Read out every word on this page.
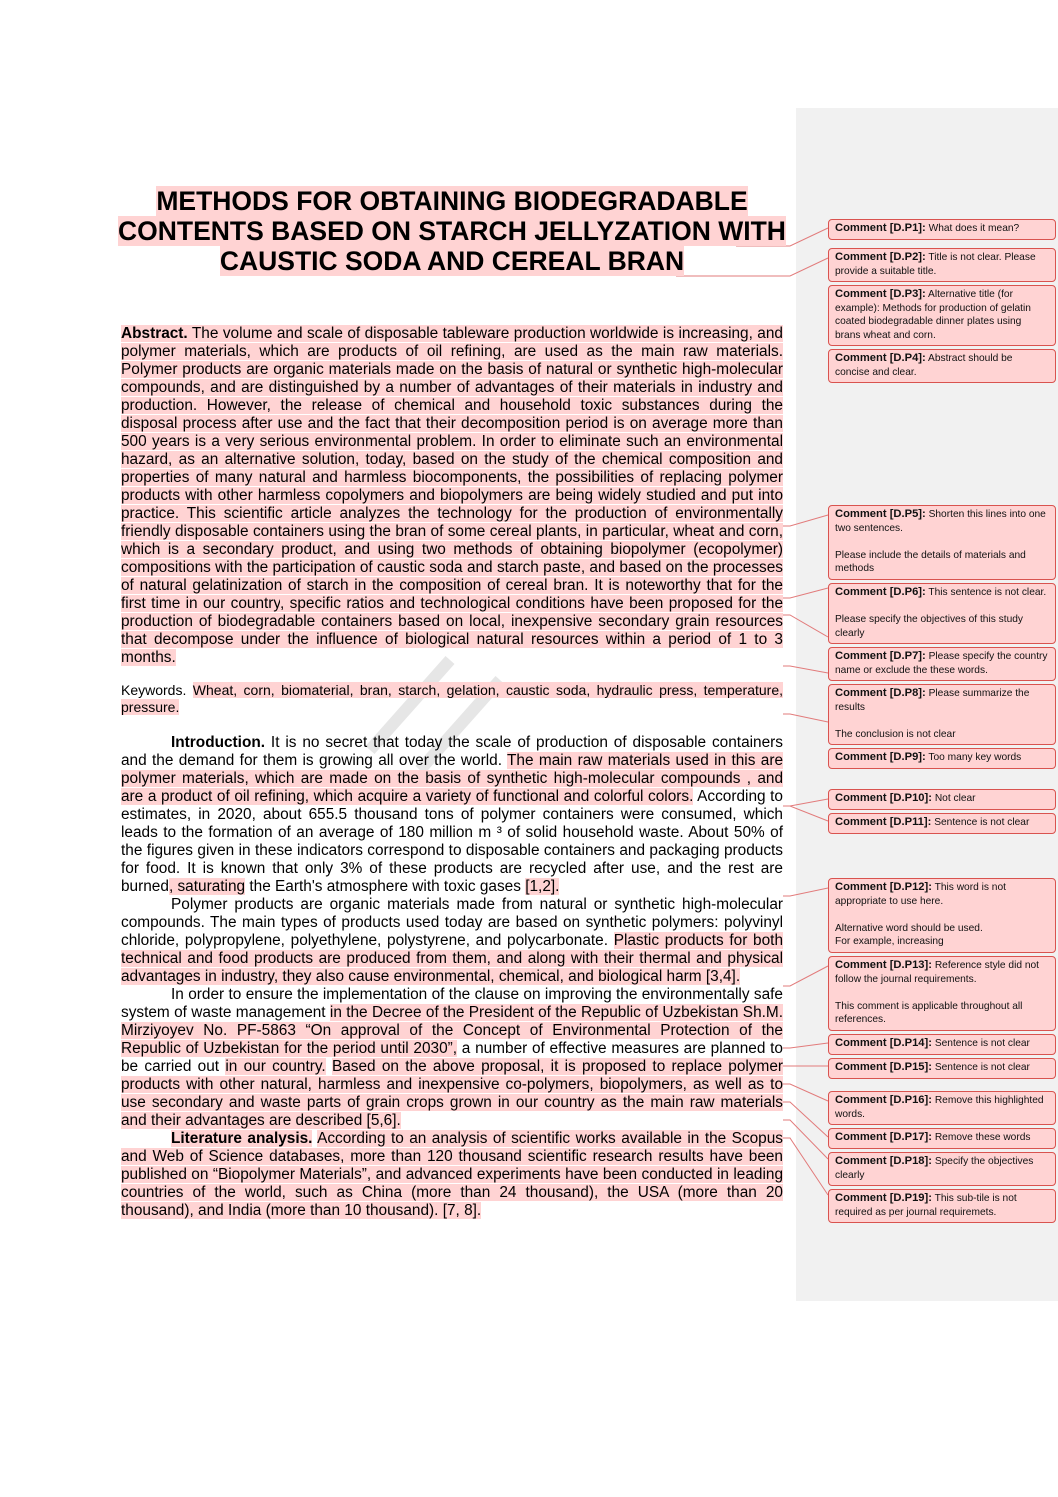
METHODS FOR OBTAINING BIODEGRADABLE
CONTENTS BASED ON STARCH JELLYZATION WITH
CAUSTIC SODA AND CEREAL BRAN

Abstract. The volume and scale of disposable tableware production worldwide is increasing, and polymer materials, which are products of oil refining, are used as the main raw materials. Polymer products are organic materials made on the basis of natural or synthetic high-molecular compounds, and are distinguished by a number of advantages of their materials in industry and production. However, the release of chemical and household toxic substances during the disposal process after use and the fact that their decomposition period is on average more than 500 years is a very serious environmental problem. In order to eliminate such an environmental hazard, as an alternative solution, today, based on the study of the chemical composition and properties of many natural and harmless biocomponents, the possibilities of replacing polymer products with other harmless copolymers and biopolymers are being widely studied and put into practice. This scientific article analyzes the technology for the production of environmentally friendly disposable containers using the bran of some cereal plants, in particular, wheat and corn, which is a secondary product, and using two methods of obtaining biopolymer (ecopolymer) compositions with the participation of caustic soda and starch paste, and based on the processes of natural gelatinization of starch in the composition of cereal bran. It is noteworthy that for the first time in our country, specific ratios and technological conditions have been proposed for the production of biodegradable containers based on local, inexpensive secondary grain resources that decompose under the influence of biological natural resources within a period of 1 to 3 months.

Keywords. Wheat, corn, biomaterial, bran, starch, gelation, caustic soda, hydraulic press, temperature, pressure.

Introduction. It is no secret that today the scale of production of disposable containers and the demand for them is growing all over the world. The main raw materials used in this are polymer materials, which are made on the basis of synthetic high-molecular compounds , and are a product of oil refining, which acquire a variety of functional and colorful colors. According to estimates, in 2020, about 655.5 thousand tons of polymer containers were consumed, which leads to the formation of an average of 180 million m ³ of solid household waste. About 50% of the figures given in these indicators correspond to disposable containers and packaging products for food. It is known that only 3% of these products are recycled after use, and the rest are burned, saturating the Earth's atmosphere with toxic gases [1,2].

Polymer products are organic materials made from natural or synthetic high-molecular compounds. The main types of products used today are based on synthetic polymers: polyvinyl chloride, polypropylene, polyethylene, polystyrene, and polycarbonate. Plastic products for both technical and food products are produced from them, and along with their thermal and physical advantages in industry, they also cause environmental, chemical, and biological harm [3,4].

In order to ensure the implementation of the clause on improving the environmentally safe system of waste management in the Decree of the President of the Republic of Uzbekistan Sh.M. Mirziyoyev No. PF-5863 “On approval of the Concept of Environmental Protection of the Republic of Uzbekistan for the period until 2030”, a number of effective measures are planned to be carried out in our country. Based on the above proposal, it is proposed to replace polymer products with other natural, harmless and inexpensive co-polymers, biopolymers, as well as to use secondary and waste parts of grain crops grown in our country as the main raw materials and their advantages are described [5,6].

Literature analysis. According to an analysis of scientific works available in the Scopus and Web of Science databases, more than 120 thousand scientific research results have been published on “Biopolymer Materials”, and advanced experiments have been conducted in leading countries of the world, such as China (more than 24 thousand), the USA (more than 20 thousand), and India (more than 10 thousand). [7, 8].

Comment [D.P1]: What does it mean?
Comment [D.P2]: Title is not clear. Please provide a suitable title.
Comment [D.P3]: Alternative title (for example): Methods for production of gelatin coated biodegradable dinner plates using brans wheat and corn.
Comment [D.P4]: Abstract should be concise and clear.
Comment [D.P5]: Shorten this lines into one two sentences.

Please include the details of materials and methods
Comment [D.P6]: This sentence is not clear.

Please specify the objectives of this study clearly
Comment [D.P7]: Please specify the country name or exclude the these words.
Comment [D.P8]: Please summarize the results

The conclusion is not clear
Comment [D.P9]: Too many key words
Comment [D.P10]: Not clear
Comment [D.P11]: Sentence is not clear
Comment [D.P12]: This word is not appropriate to use here.

Alternative word should be used.
For example, increasing
Comment [D.P13]: Reference style did not follow the journal requirements.

This comment is applicable throughout all references.
Comment [D.P14]: Sentence is not clear
Comment [D.P15]: Sentence is not clear

Comment [D.P16]: Remove this highlighted words.
Comment [D.P17]: Remove these words
Comment [D.P18]: Specify the objectives clearly
Comment [D.P19]: This sub-tile is not required as per journal requiremets.
